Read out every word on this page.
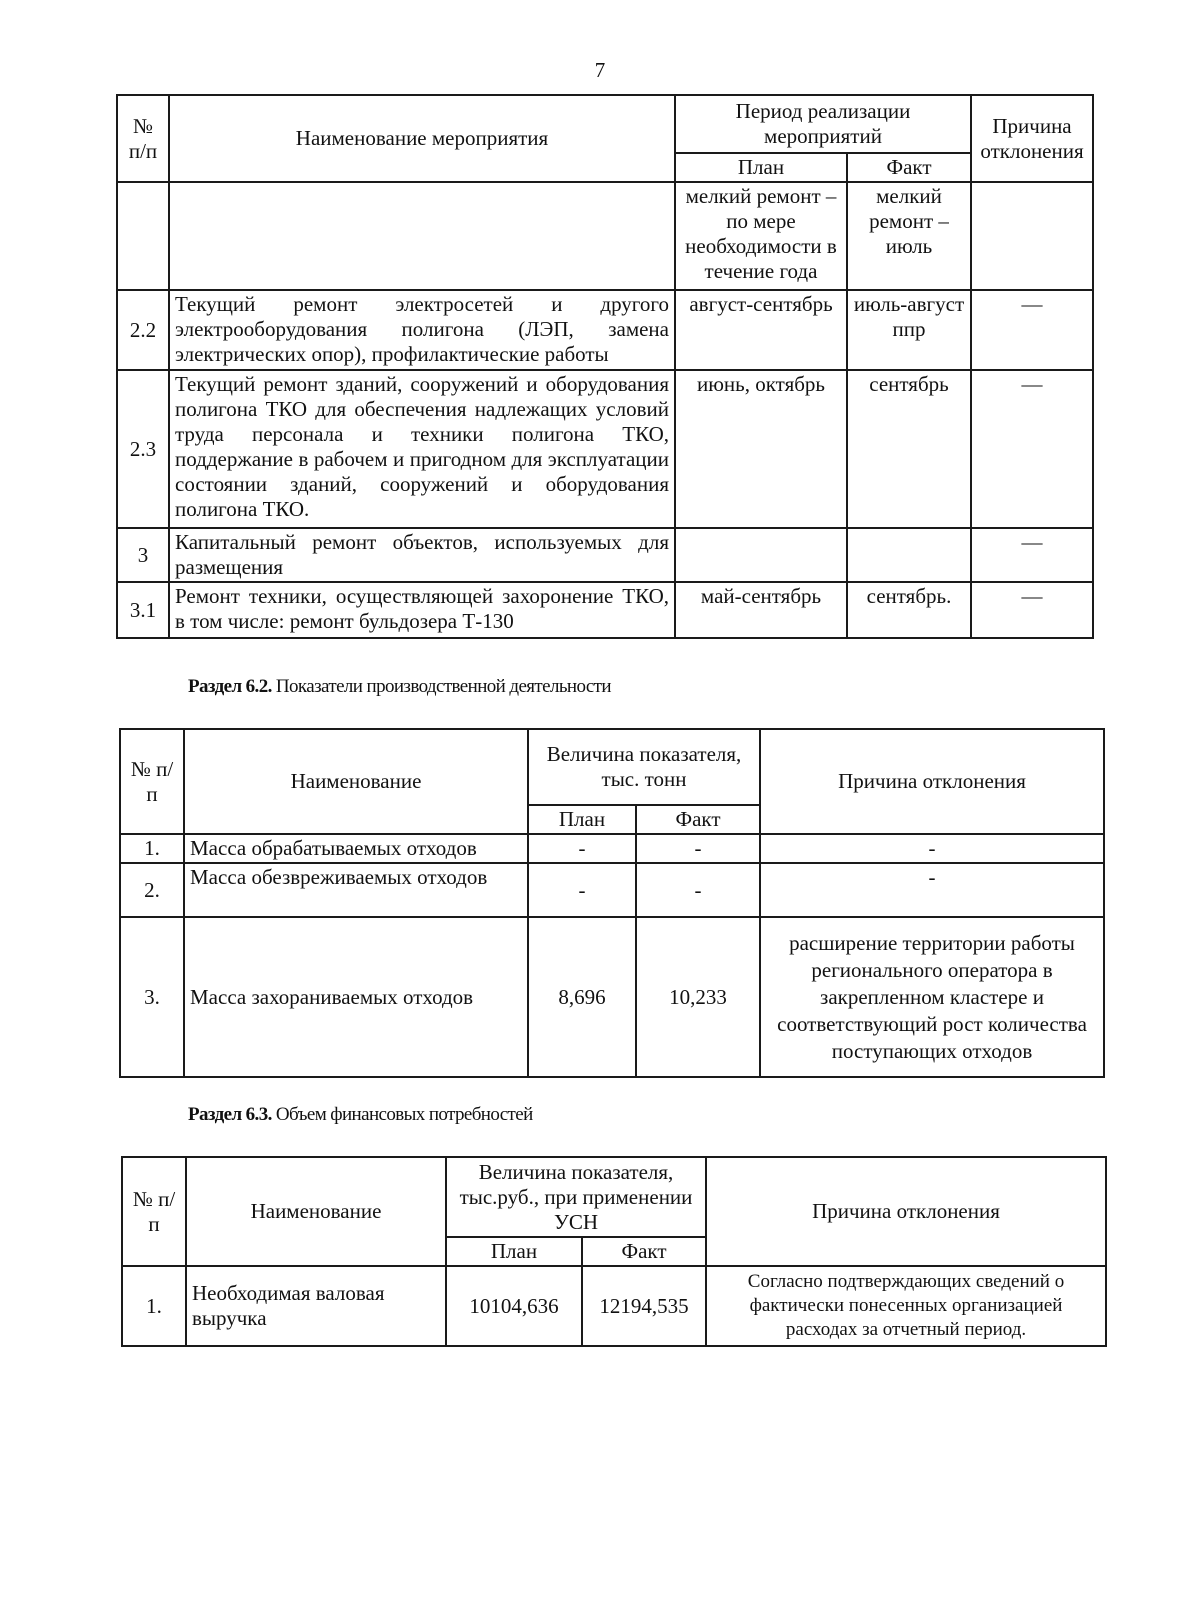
7
№ п/п	Наименование мероприятия	Период реализации мероприятий		Причина отклонения
		План	Факт	
		мелкий ремонт – по мере необходимости в течение года	мелкий ремонт – июль	
2.2	Текущий ремонт электросетей и другого электрооборудования полигона (ЛЭП, замена электрических опор), профилактические работы	август-сентябрь	июль-август ппр	—
2.3	Текущий ремонт зданий, сооружений и оборудования полигона ТКО для обеспечения надлежащих условий труда персонала и техники полигона ТКО, поддержание в рабочем и пригодном для эксплуатации состоянии зданий, сооружений и оборудования полигона ТКО.	июнь, октябрь	сентябрь	—
3	Капитальный ремонт объектов, используемых для размещения			—
3.1	Ремонт техники, осуществляющей захоронение ТКО, в том числе: ремонт бульдозера Т-130	май-сентябрь	сентябрь.	—
Раздел 6.2. Показатели производственной деятельности
№ п/п	Наименование	Величина показателя, тыс. тонн		Причина отклонения
		План	Факт	
1.	Масса обрабатываемых отходов	-	-	-
2.	Масса обезвреживаемых отходов	-	-	-
3.	Масса захораниваемых отходов	8,696	10,233	расширение территории работы регионального оператора в закрепленном кластере и соответствующий рост количества поступающих отходов
Раздел 6.3. Объем финансовых потребностей
№ п/п	Наименование	Величина показателя, тыс.руб., при применении УСН		Причина отклонения
		План	Факт	
1.	Необходимая валовая выручка	10104,636	12194,535	Согласно подтверждающих сведений о фактически понесенных организацией расходах за отчетный период.
